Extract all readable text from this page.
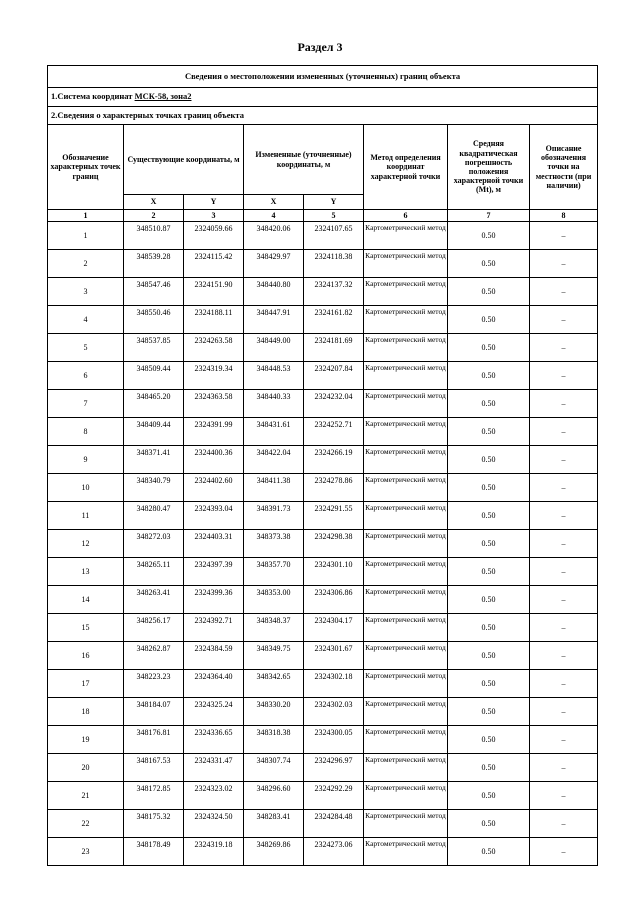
Раздел 3
Сведения о местоположении измененных (уточненных) границ объекта							
1.Система координат МСК-58, зона2							
2.Сведения о характерных точках границ объекта							
Обозначение характерных точек границ	Существующие координаты, м		Измененные (уточненные) координаты, м		Метод определения координат характерной точки	Средняя квадратическая погрешность положения характерной точки (Mt), м	Описание обозначения точки на местности (при наличии)
	X	Y	X	Y			
1	2	3	4	5	6	7	8
1	348510.87	2324059.66	348420.06	2324107.65	Картометрический метод	0.50	–
2	348539.28	2324115.42	348429.97	2324118.38	Картометрический метод	0.50	–
3	348547.46	2324151.90	348440.80	2324137.32	Картометрический метод	0.50	–
4	348550.46	2324188.11	348447.91	2324161.82	Картометрический метод	0.50	–
5	348537.85	2324263.58	348449.00	2324181.69	Картометрический метод	0.50	–
6	348509.44	2324319.34	348448.53	2324207.84	Картометрический метод	0.50	–
7	348465.20	2324363.58	348440.33	2324232.04	Картометрический метод	0.50	–
8	348409.44	2324391.99	348431.61	2324252.71	Картометрический метод	0.50	–
9	348371.41	2324400.36	348422.04	2324266.19	Картометрический метод	0.50	–
10	348340.79	2324402.60	348411.38	2324278.86	Картометрический метод	0.50	–
11	348280.47	2324393.04	348391.73	2324291.55	Картометрический метод	0.50	–
12	348272.03	2324403.31	348373.38	2324298.38	Картометрический метод	0.50	–
13	348265.11	2324397.39	348357.70	2324301.10	Картометрический метод	0.50	–
14	348263.41	2324399.36	348353.00	2324306.86	Картометрический метод	0.50	–
15	348256.17	2324392.71	348348.37	2324304.17	Картометрический метод	0.50	–
16	348262.87	2324384.59	348349.75	2324301.67	Картометрический метод	0.50	–
17	348223.23	2324364.40	348342.65	2324302.18	Картометрический метод	0.50	–
18	348184.07	2324325.24	348330.20	2324302.03	Картометрический метод	0.50	–
19	348176.81	2324336.65	348318.38	2324300.05	Картометрический метод	0.50	–
20	348167.53	2324331.47	348307.74	2324296.97	Картометрический метод	0.50	–
21	348172.85	2324323.02	348296.60	2324292.29	Картометрический метод	0.50	–
22	348175.32	2324324.50	348283.41	2324284.48	Картометрический метод	0.50	–
23	348178.49	2324319.18	348269.86	2324273.06	Картометрический метод	0.50	–
